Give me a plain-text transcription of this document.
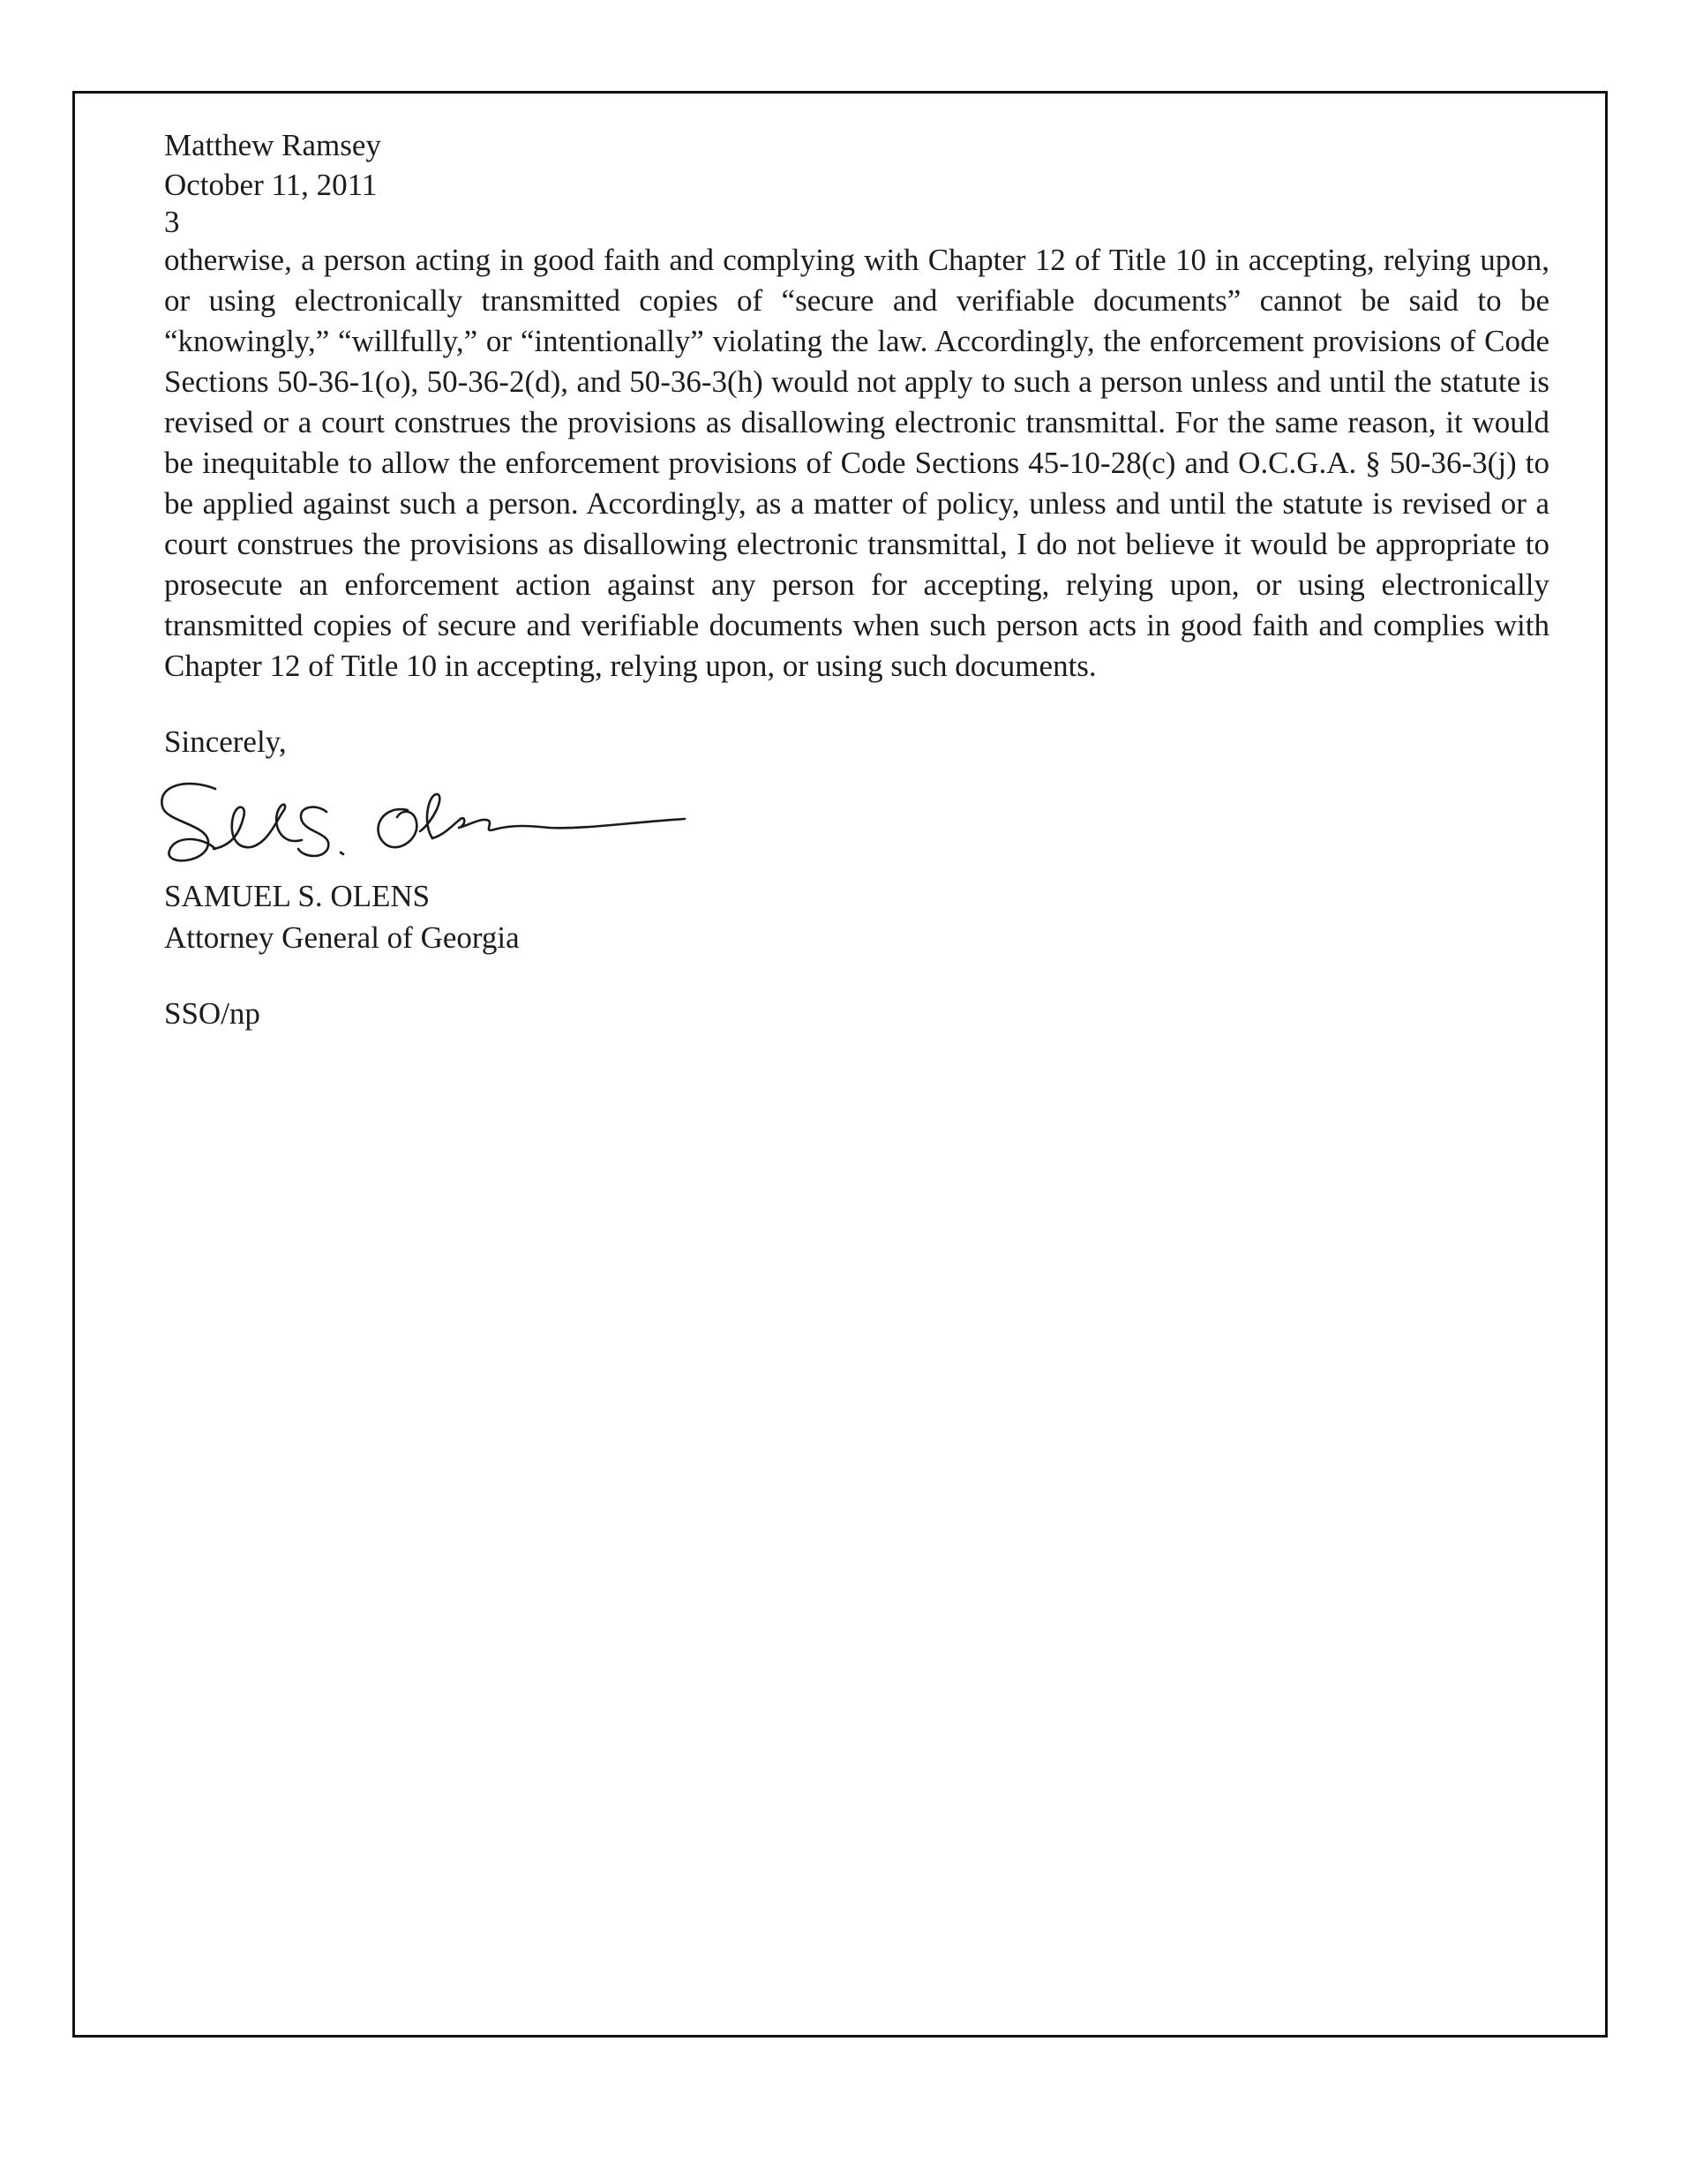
Matthew Ramsey

October 11, 2011

3

otherwise, a person acting in good faith and complying with Chapter 12 of Title 10 in accepting, relying upon, or using electronically transmitted copies of “secure and verifiable documents” cannot be said to be “knowingly,” “willfully,” or “intentionally” violating the law. Accordingly, the enforcement provisions of Code Sections 50-36-1(o), 50-36-2(d), and 50-36-3(h) would not apply to such a person unless and until the statute is revised or a court construes the provisions as disallowing electronic transmittal. For the same reason, it would be inequitable to allow the enforcement provisions of Code Sections 45-10-28(c) and O.C.G.A. § 50-36-3(j) to be applied against such a person. Accordingly, as a matter of policy, unless and until the statute is revised or a court construes the provisions as disallowing electronic transmittal, I do not believe it would be appropriate to prosecute an enforcement action against any person for accepting, relying upon, or using electronically transmitted copies of secure and verifiable documents when such person acts in good faith and complies with Chapter 12 of Title 10 in accepting, relying upon, or using such documents.

Sincerely,

SAMUEL S. OLENS

Attorney General of Georgia

SSO/np
